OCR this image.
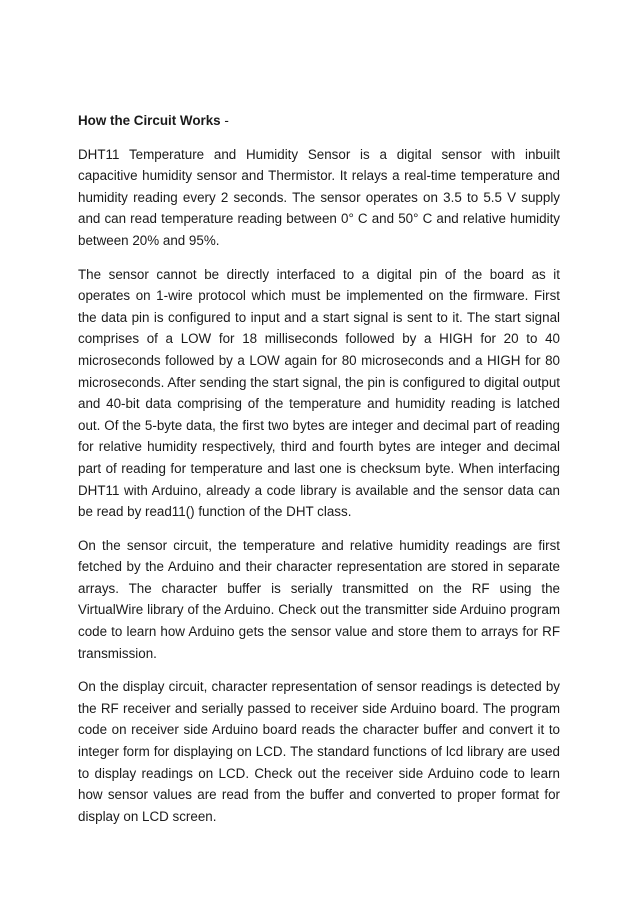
How the Circuit Works -

DHT11 Temperature and Humidity Sensor is a digital sensor with inbuilt capacitive humidity sensor and Thermistor. It relays a real-time temperature and humidity reading every 2 seconds. The sensor operates on 3.5 to 5.5 V supply and can read temperature reading between 0° C and 50° C and relative humidity between 20% and 95%.

The sensor cannot be directly interfaced to a digital pin of the board as it operates on 1-wire protocol which must be implemented on the firmware. First the data pin is configured to input and a start signal is sent to it. The start signal comprises of a LOW for 18 milliseconds followed by a HIGH for 20 to 40 microseconds followed by a LOW again for 80 microseconds and a HIGH for 80 microseconds. After sending the start signal, the pin is configured to digital output and 40-bit data comprising of the temperature and humidity reading is latched out. Of the 5-byte data, the first two bytes are integer and decimal part of reading for relative humidity respectively, third and fourth bytes are integer and decimal part of reading for temperature and last one is checksum byte. When interfacing DHT11 with Arduino, already a code library is available and the sensor data can be read by read11() function of the DHT class.

On the sensor circuit, the temperature and relative humidity readings are first fetched by the Arduino and their character representation are stored in separate arrays. The character buffer is serially transmitted on the RF using the VirtualWire library of the Arduino. Check out the transmitter side Arduino program code to learn how Arduino gets the sensor value and store them to arrays for RF transmission.

On the display circuit, character representation of sensor readings is detected by the RF receiver and serially passed to receiver side Arduino board. The program code on receiver side Arduino board reads the character buffer and convert it to integer form for displaying on LCD. The standard functions of lcd library are used to display readings on LCD. Check out the receiver side Arduino code to learn how sensor values are read from the buffer and converted to proper format for display on LCD screen.
